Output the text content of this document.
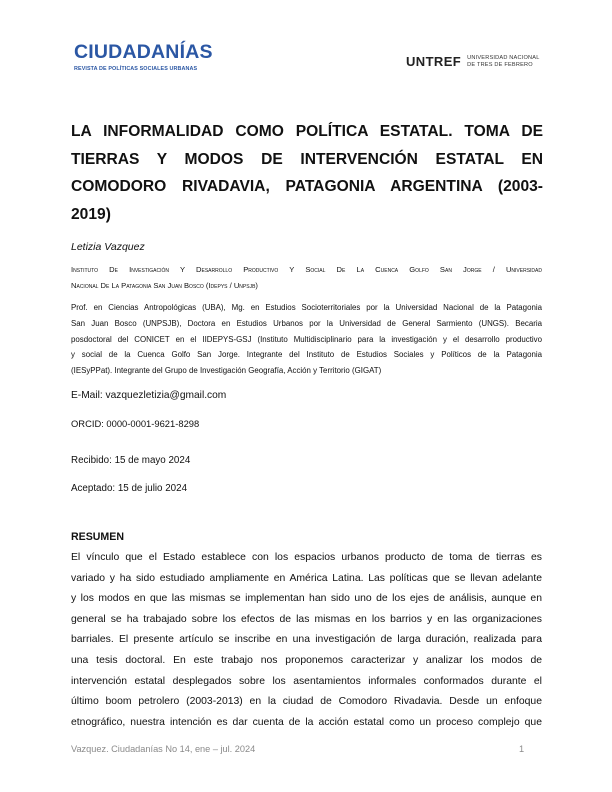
CIUDADANÍAS
REVISTA DE POLÍTICAS SOCIALES URBANAS	UNTREF UNIVERSIDAD NACIONAL
DE TRES DE FEBRERO
LA INFORMALIDAD COMO POLÍTICA ESTATAL. TOMA DE
TIERRAS Y MODOS DE INTERVENCIÓN ESTATAL EN
COMODORO RIVADAVIA, PATAGONIA ARGENTINA (2003-
2019)
Letizia Vazquez
Instituto De Investigación Y Desarrollo Productivo Y Social De La Cuenca Golfo San Jorge / Universidad
Nacional De La Patagonia San Juan Bosco (Idepys / Unpsjb)
Prof. en Ciencias Antropológicas (UBA), Mg. en Estudios Socioterritoriales por la Universidad Nacional de la Patagonia
San Juan Bosco (UNPSJB), Doctora en Estudios Urbanos por la Universidad de General Sarmiento (UNGS). Becaria
posdoctoral del CONICET en el IIDEPYS-GSJ (Instituto Multidisciplinario para la investigación y el desarrollo productivo
y social de la Cuenca Golfo San Jorge. Integrante del Instituto de Estudios Sociales y Políticos de la Patagonia
(IESyPPat). Integrante del Grupo de Investigación Geografía, Acción y Territorio (GIGAT)
E-Mail: vazquezletizia@gmail.com
ORCID: 0000-0001-9621-8298
Recibido: 15 de mayo 2024
Aceptado: 15 de julio 2024
RESUMEN
El vínculo que el Estado establece con los espacios urbanos producto de toma de tierras es
variado y ha sido estudiado ampliamente en América Latina. Las políticas que se llevan adelante
y los modos en que las mismas se implementan han sido uno de los ejes de análisis, aunque en
general se ha trabajado sobre los efectos de las mismas en los barrios y en las organizaciones
barriales. El presente artículo se inscribe en una investigación de larga duración, realizada para
una tesis doctoral. En este trabajo nos proponemos caracterizar y analizar los modos de
intervención estatal desplegados sobre los asentamientos informales conformados durante el
último boom petrolero (2003-2013) en la ciudad de Comodoro Rivadavia. Desde un enfoque
etnográfico, nuestra intención es dar cuenta de la acción estatal como un proceso complejo que
Vazquez. Ciudadanías No 14, ene – jul. 2024	1
